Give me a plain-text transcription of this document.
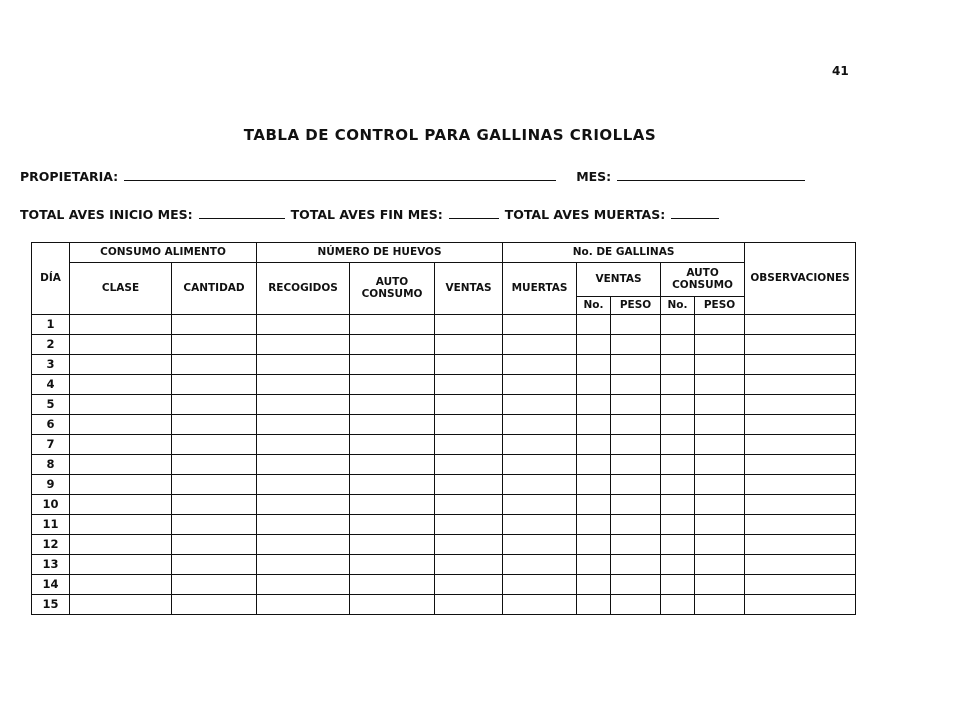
41
TABLA DE CONTROL PARA GALLINAS CRIOLLAS
PROPIETARIA:	MES:
TOTAL AVES INICIO MES:	TOTAL AVES FIN MES:	TOTAL AVES MUERTAS:
DÍA	CONSUMO ALIMENTO		NÚMERO DE HUEVOS			No. DE GALLINAS					OBSERVACIONES
	CLASE	CANTIDAD	RECOGIDOS	AUTO CONSUMO	VENTAS	MUERTAS	VENTAS		AUTO CONSUMO		
							No.	PESO	No.	PESO	
1											
2											
3											
4											
5											
6											
7											
8											
9											
10											
11											
12											
13											
14											
15											
